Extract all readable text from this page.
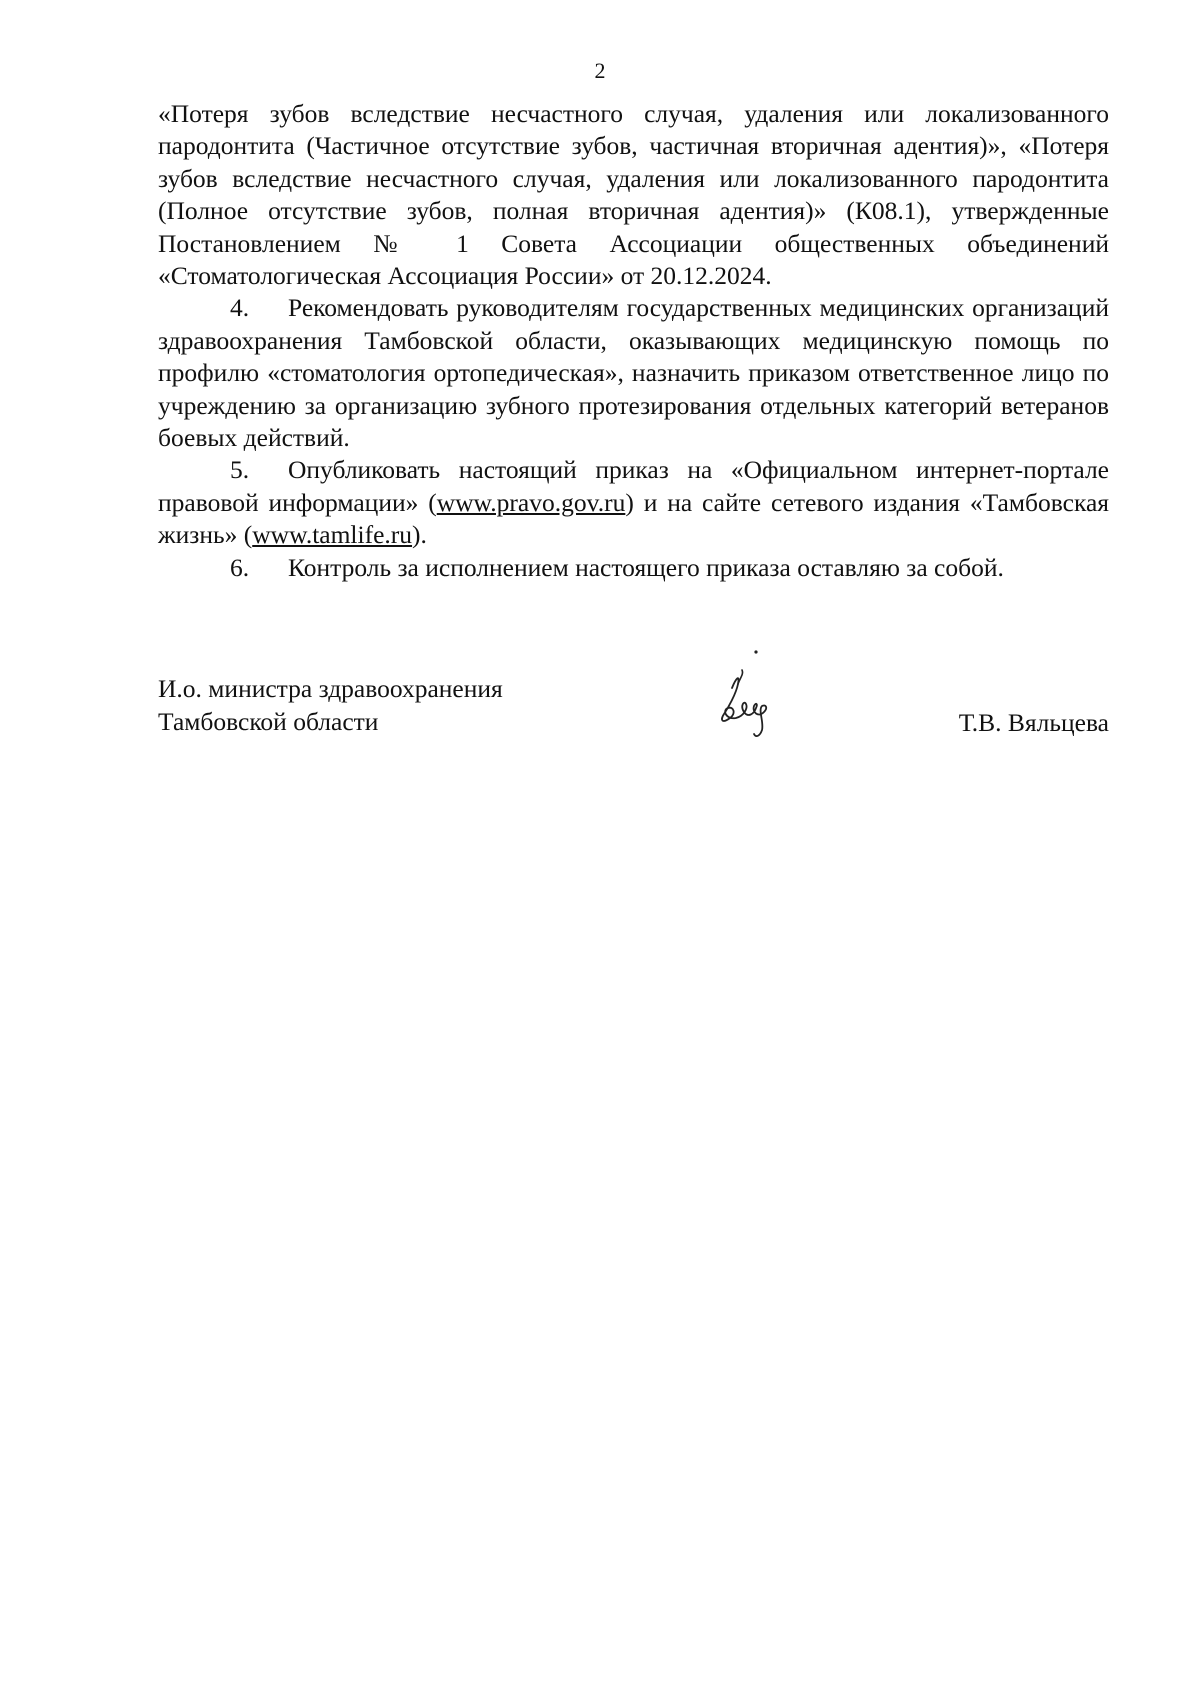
2

«Потеря зубов вследствие несчастного случая, удаления или локализованного пародонтита (Частичное отсутствие зубов, частичная вторичная адентия)», «Потеря зубов вследствие несчастного случая, удаления или локализованного пародонтита (Полное отсутствие зубов, полная вторичная адентия)» (К08.1), утвержденные Постановлением № 1 Совета Ассоциации общественных объединений «Стоматологическая Ассоциация России» от 20.12.2024.

4. Рекомендовать руководителям государственных медицинских организаций здравоохранения Тамбовской области, оказывающих медицинскую помощь по профилю «стоматология ортопедическая», назначить приказом ответственное лицо по учреждению за организацию зубного протезирования отдельных категорий ветеранов боевых действий.

5. Опубликовать настоящий приказ на «Официальном интернет-портале правовой информации» (www.pravo.gov.ru) и на сайте сетевого издания «Тамбовская жизнь» (www.tamlife.ru).

6. Контроль за исполнением настоящего приказа оставляю за собой.

И.о. министра здравоохранения
Тамбовской области	Т.В. Вяльцева
